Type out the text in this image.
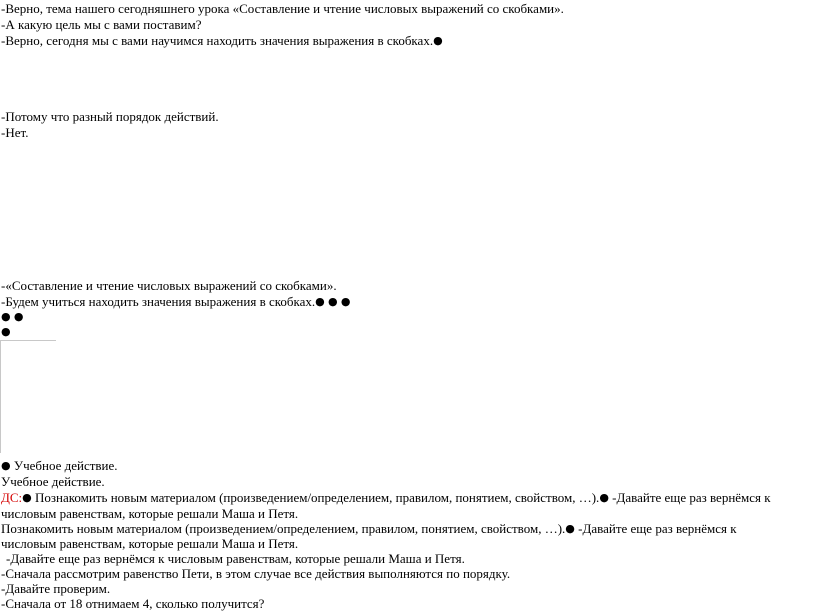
-Верно, тема нашего сегодняшнего урока «Составление и чтение числовых выражений со скобками».
-А какую цель мы с вами поставим?
-Верно, сегодня мы с вами научимся находить значения выражения в скобках.●
-Потому что разный порядок действий.
-Нет.
-«Составление и чтение числовых выражений со скобками».
-Будем учиться находить значения выражения в скобках.● ● ●
● ●
●
● Учебное действие.
Учебное действие.
ДС:● Познакомить новым материалом (произведением/определением, правилом, понятием, свойством, …).● -Давайте еще раз вернёмся к
числовым равенствам, которые решали Маша и Петя.
Познакомить новым материалом (произведением/определением, правилом, понятием, свойством, …).● -Давайте еще раз вернёмся к
числовым равенствам, которые решали Маша и Петя.
-Давайте еще раз вернёмся к числовым равенствам, которые решали Маша и Петя.
-Сначала рассмотрим равенство Пети, в этом случае все действия выполняются по порядку.
-Давайте проверим.
-Сначала от 18 отнимаем 4, сколько получится?
